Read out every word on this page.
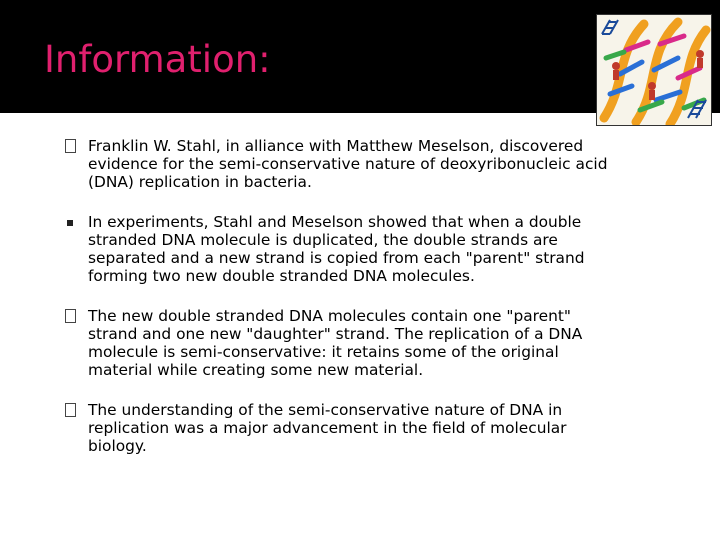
Information:
Franklin W. Stahl, in alliance with Matthew Meselson, discovered evidence for the semi-conservative nature of deoxyribonucleic acid (DNA) replication in bacteria.
In experiments, Stahl and Meselson showed that when a double stranded DNA molecule is duplicated, the double strands are separated and a new strand is copied from each "parent" strand forming two new double stranded DNA molecules.
The new double stranded DNA molecules contain one "parent" strand and one new "daughter" strand. The replication of a DNA molecule is semi-conservative: it retains some of the original material while creating some new material.
The understanding of the semi-conservative nature of DNA in replication was a major advancement in the field of molecular biology.
